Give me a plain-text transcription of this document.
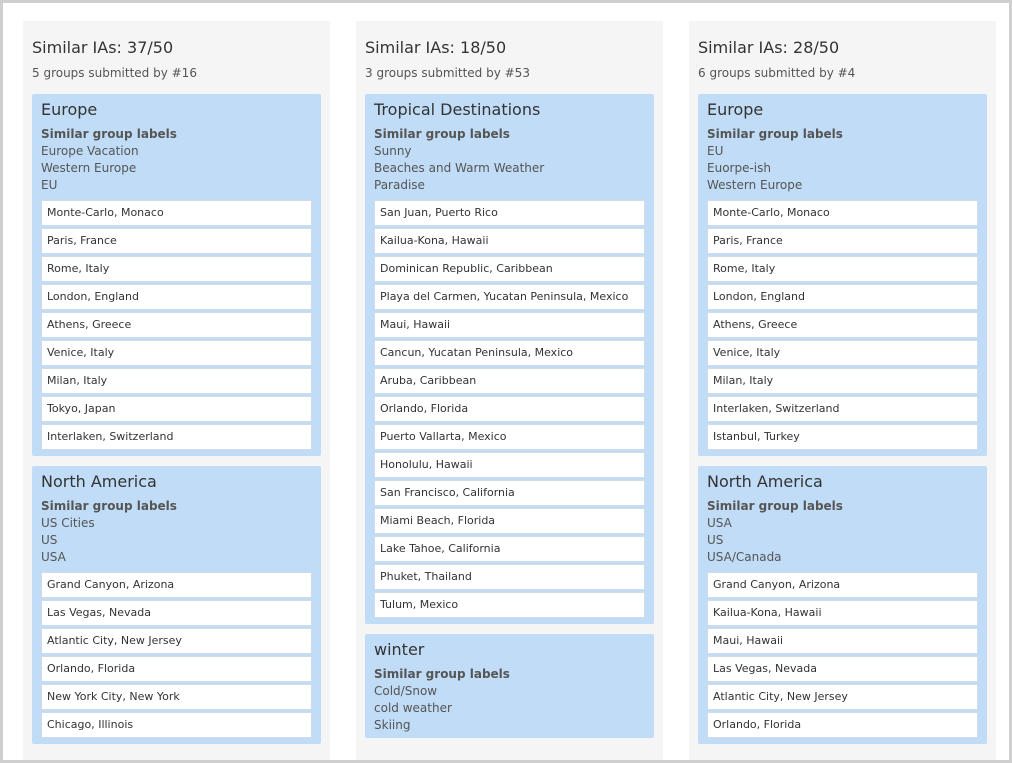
Similar IAs: 37/50
5 groups submitted by #16
Europe
Similar group labels
Europe Vacation
Western Europe
EU
Monte-Carlo, Monaco
Paris, France
Rome, Italy
London, England
Athens, Greece
Venice, Italy
Milan, Italy
Tokyo, Japan
Interlaken, Switzerland
North America
Similar group labels
US Cities
US
USA
Grand Canyon, Arizona
Las Vegas, Nevada
Atlantic City, New Jersey
Orlando, Florida
New York City, New York
Chicago, Illinois
Similar IAs: 18/50
3 groups submitted by #53
Tropical Destinations
Similar group labels
Sunny
Beaches and Warm Weather
Paradise
San Juan, Puerto Rico
Kailua-Kona, Hawaii
Dominican Republic, Caribbean
Playa del Carmen, Yucatan Peninsula, Mexico
Maui, Hawaii
Cancun, Yucatan Peninsula, Mexico
Aruba, Caribbean
Orlando, Florida
Puerto Vallarta, Mexico
Honolulu, Hawaii
San Francisco, California
Miami Beach, Florida
Lake Tahoe, California
Phuket, Thailand
Tulum, Mexico
winter
Similar group labels
Cold/Snow
cold weather
Skiing
Similar IAs: 28/50
6 groups submitted by #4
Europe
Similar group labels
EU
Euorpe-ish
Western Europe
Monte-Carlo, Monaco
Paris, France
Rome, Italy
London, England
Athens, Greece
Venice, Italy
Milan, Italy
Interlaken, Switzerland
Istanbul, Turkey
North America
Similar group labels
USA
US
USA/Canada
Grand Canyon, Arizona
Kailua-Kona, Hawaii
Maui, Hawaii
Las Vegas, Nevada
Atlantic City, New Jersey
Orlando, Florida
